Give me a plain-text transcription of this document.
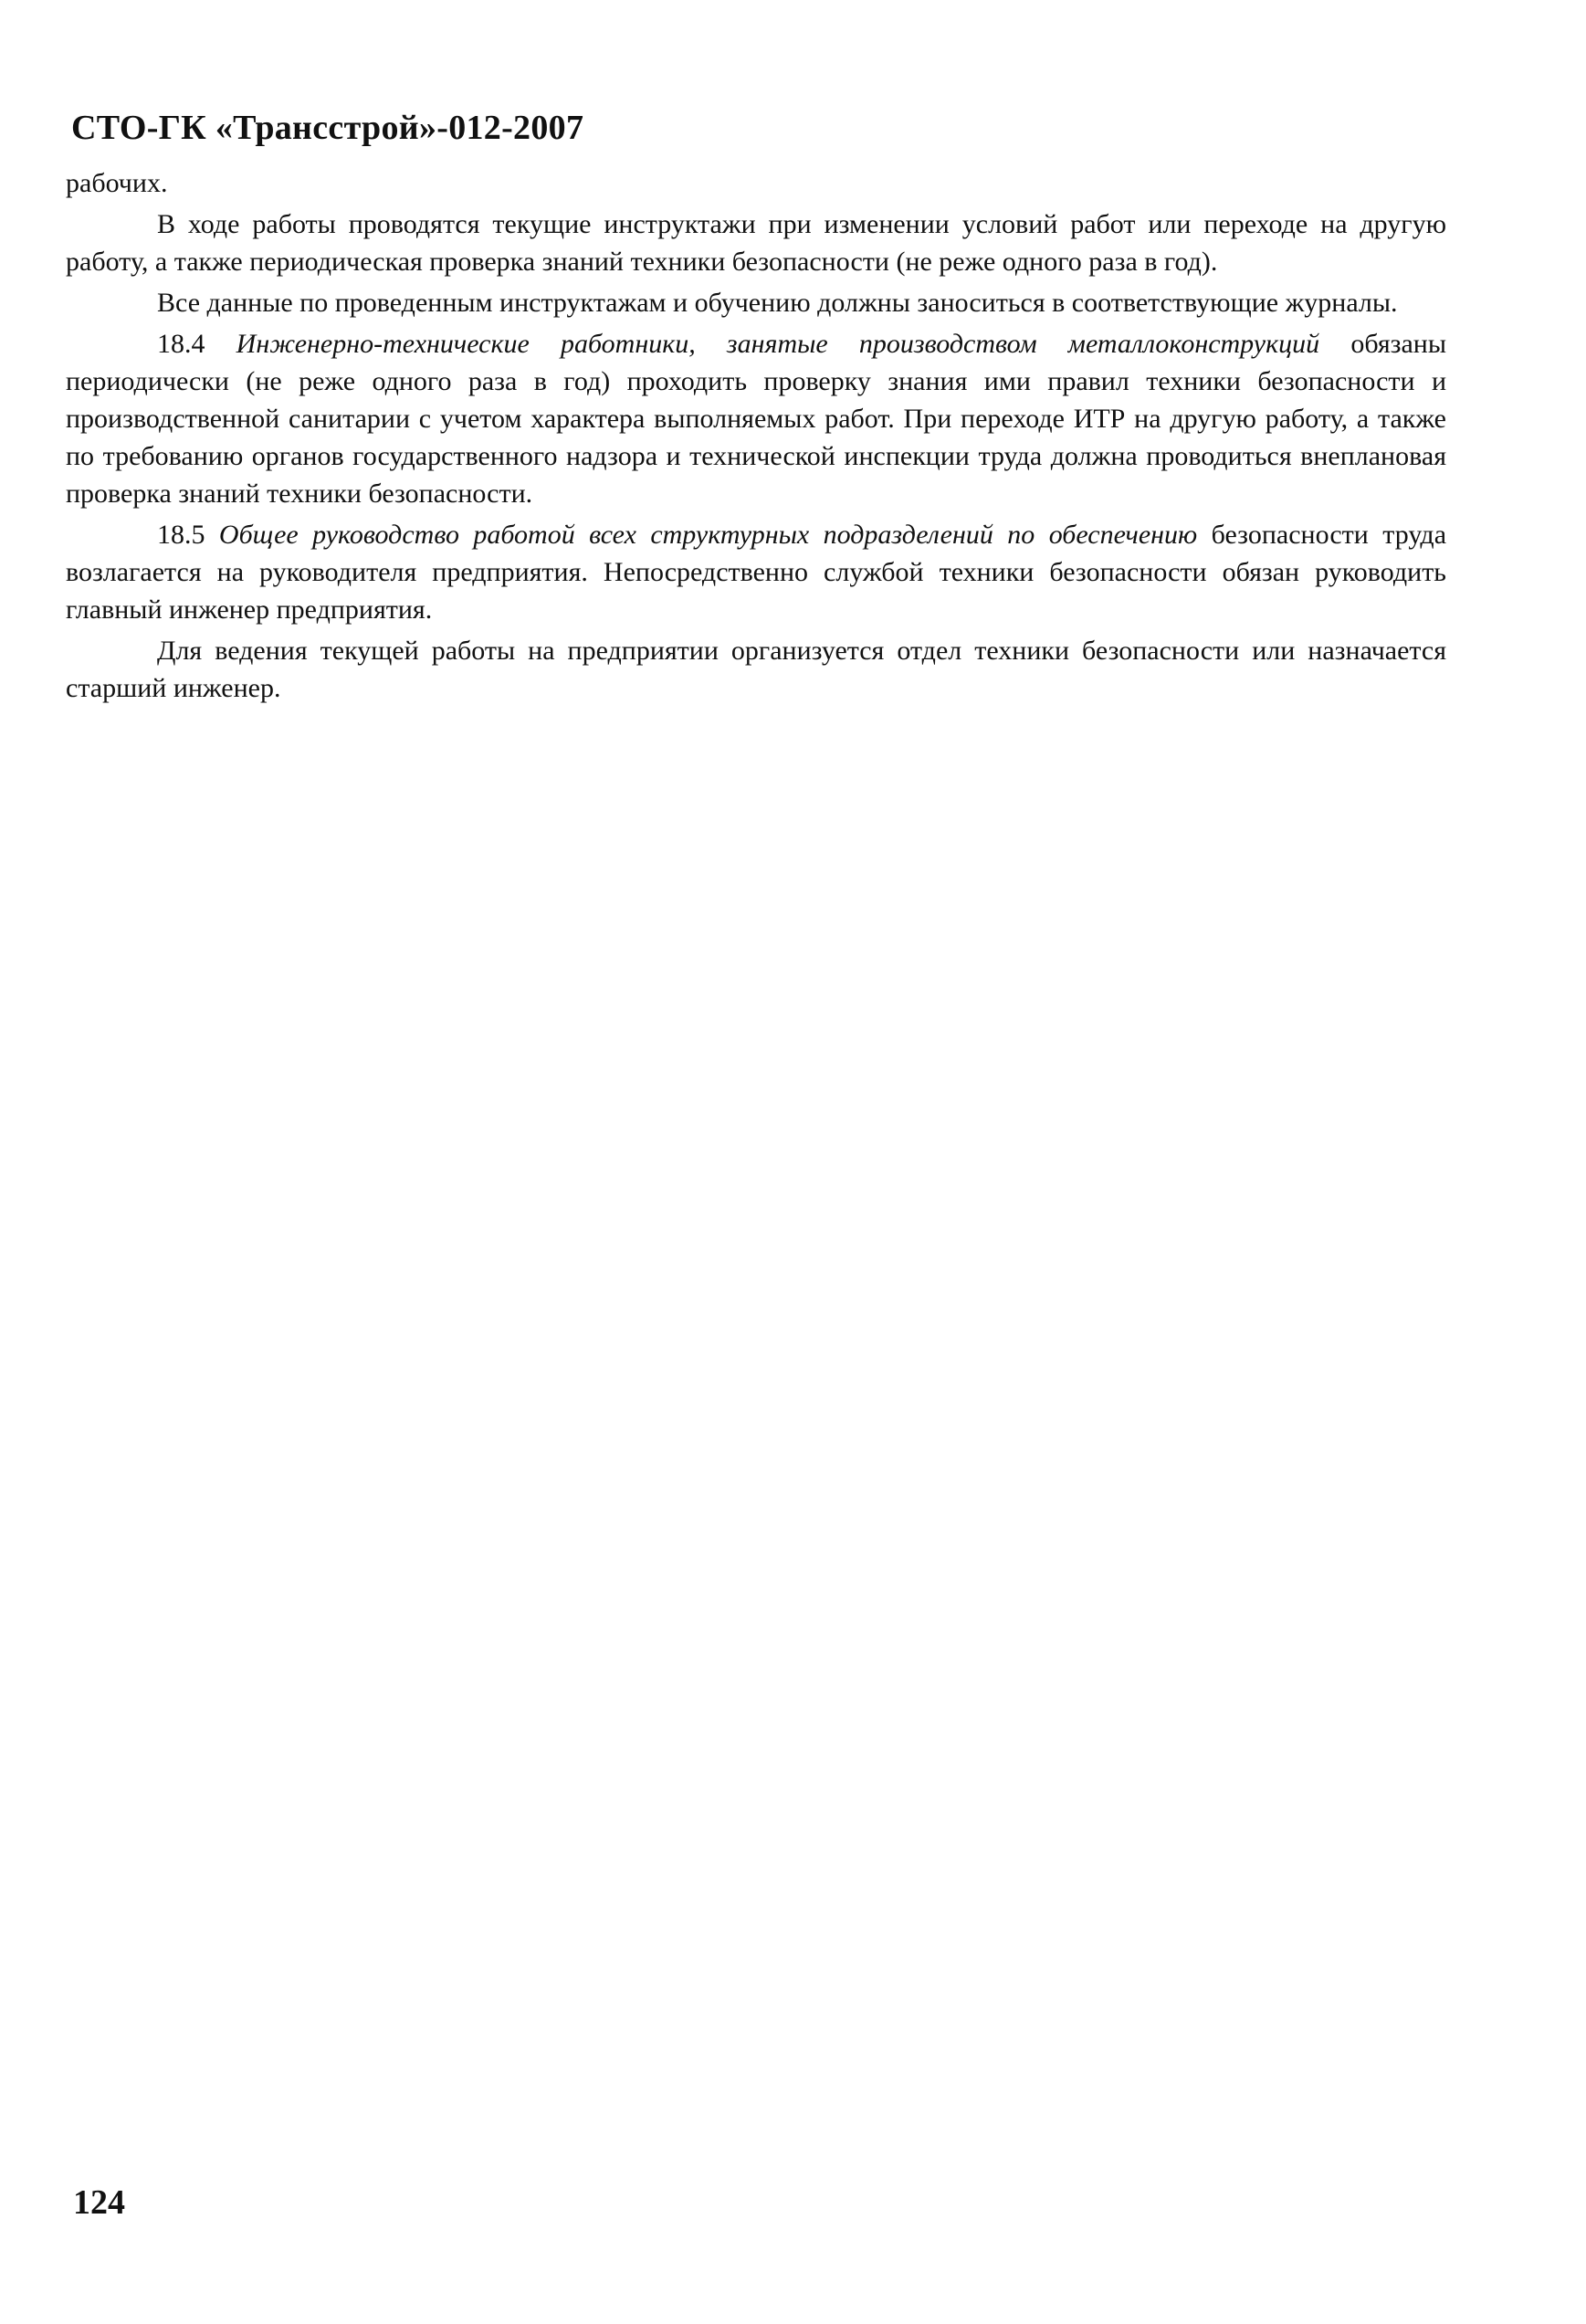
СТО-ГК «Трансстрой»-012-2007

рабочих.

В ходе работы проводятся текущие инструктажи при изменении условий работ или переходе на другую работу, а также периодическая проверка знаний техники безопасности (не реже одного раза в год).

Все данные по проведенным инструктажам и обучению должны заноситься в соответствующие журналы.

18.4 Инженерно-технические работники, занятые производством металлоконструкций обязаны периодически (не реже одного раза в год) проходить проверку знания ими правил техники безопасности и производственной санитарии с учетом характера выполняемых работ. При переходе ИТР на другую работу, а также по требованию органов государственного надзора и технической инспекции труда должна проводиться внеплановая проверка знаний техники безопасности.

18.5 Общее руководство работой всех структурных подразделений по обеспечению безопасности труда возлагается на руководителя предприятия. Непосредственно службой техники безопасности обязан руководить главный инженер предприятия.

Для ведения текущей работы на предприятии организуется отдел техники безопасности или назначается старший инженер.

124
